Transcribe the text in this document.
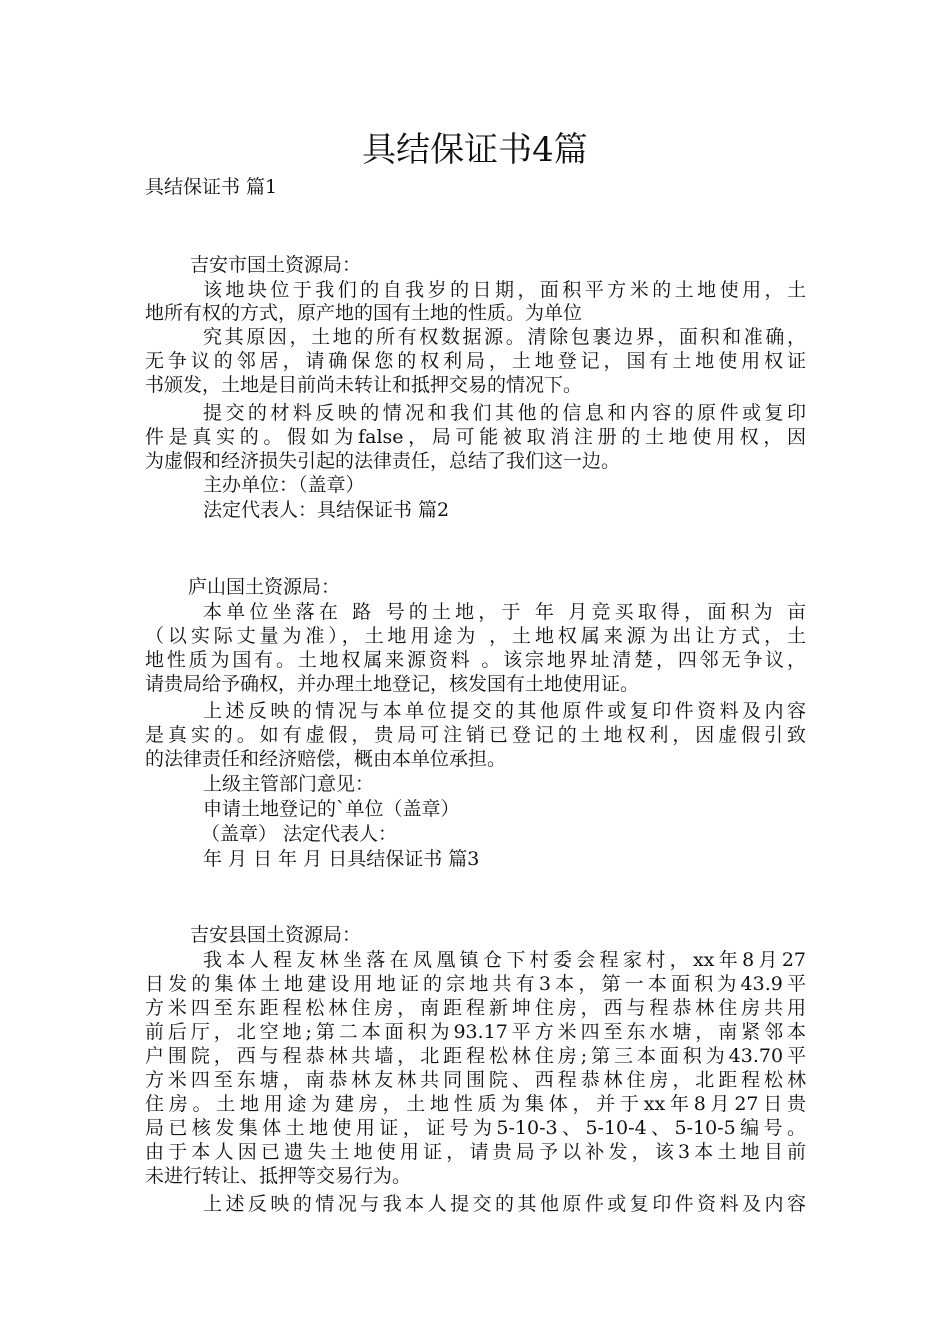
具结保证书4篇
具结保证书 篇1
吉安市国土资源局：
该地块位于我们的自我岁的日期，面积平方米的土地使用，土
地所有权的方式，原产地的国有土地的性质。为单位
究其原因，土地的所有权数据源。清除包裹边界，面积和准确，
无争议的邻居，请确保您的权利局，土地登记，国有土地使用权证
书颁发，土地是目前尚未转让和抵押交易的情况下。
提交的材料反映的情况和我们其他的信息和内容的原件或复印
件是真实的。假如为false，局可能被取消注册的土地使用权，因
为虚假和经济损失引起的法律责任，总结了我们这一边。
主办单位：（盖章）
法定代表人：具结保证书 篇2
庐山国土资源局：
本单位坐落在 路 号的土地，于 年 月竞买取得，面积为 亩
（以实际丈量为准），土地用途为 ，土地权属来源为出让方式，土
地性质为国有。土地权属来源资料 。该宗地界址清楚，四邻无争议，
请贵局给予确权，并办理土地登记，核发国有土地使用证。
上述反映的情况与本单位提交的其他原件或复印件资料及内容
是真实的。如有虚假，贵局可注销已登记的土地权利，因虚假引致
的法律责任和经济赔偿，概由本单位承担。
上级主管部门意见：
申请土地登记的`单位（盖章）
（盖章） 法定代表人：
年 月 日 年 月 日具结保证书 篇3
吉安县国土资源局：
我本人程友林坐落在凤凰镇仓下村委会程家村，xx年8月27
日发的集体土地建设用地证的宗地共有3本，第一本面积为43.9平
方米四至东距程松林住房，南距程新坤住房，西与程恭林住房共用
前后厅，北空地;第二本面积为93.17平方米四至东水塘，南紧邻本
户围院，西与程恭林共墙，北距程松林住房;第三本面积为43.70平
方米四至东塘，南恭林友林共同围院、西程恭林住房，北距程松林
住房。土地用途为建房，土地性质为集体，并于xx年8月27日贵
局已核发集体土地使用证，证号为5-10-3、5-10-4、5-10-5编号。
由于本人因已遗失土地使用证，请贵局予以补发，该3本土地目前
未进行转让、抵押等交易行为。
上述反映的情况与我本人提交的其他原件或复印件资料及内容
